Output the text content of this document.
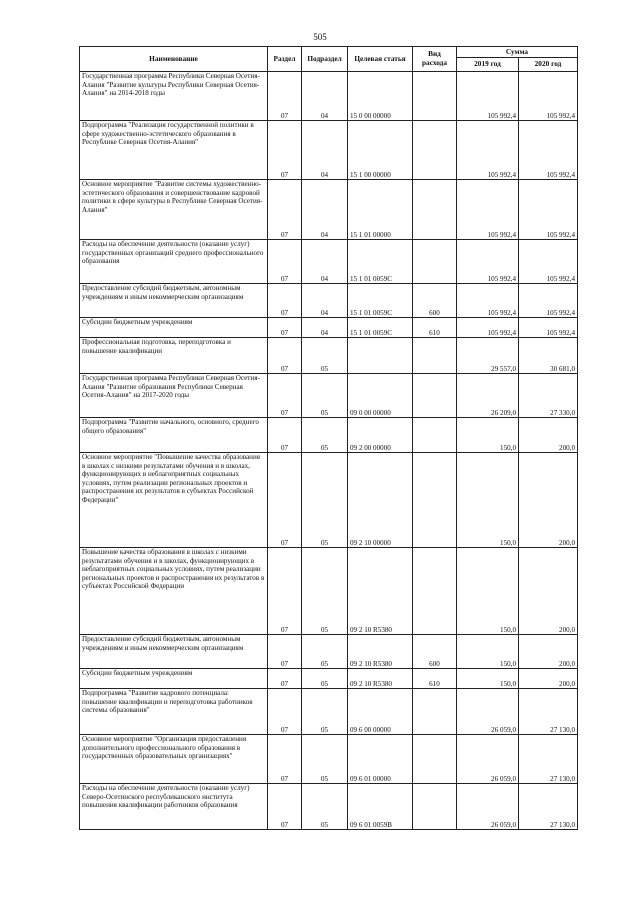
505
Наименование	Раздел	Подраздел	Целевая статья	Вид расхода	Сумма	
					2019 год	2020 год
Государственная программа Республики Северная Осетия-Алания "Развитие культуры Республики Северная Осетия-Алания" на 2014-2018 годы	07	04	15 0 00 00000		105 992,4	105 992,4
Подпрограмма "Реализация государственной политики в сфере художественно-эстетического образования в Республике Северная Осетия-Алания"	07	04	15 1 00 00000		105 992,4	105 992,4
Основное мероприятие "Развитие системы художественно-эстетического образования и совершенствование кадровой политики в сфере культуры в Республике Северная Осетия-Алания"	07	04	15 1 01 00000		105 992,4	105 992,4
Расходы на обеспечение деятельности (оказание услуг) государственных организаций среднего профессионального образования	07	04	15 1 01 0059С		105 992,4	105 992,4
Предоставление субсидий бюджетным, автономным учреждениям и иным некоммерческим организациям	07	04	15 1 01 0059С	600	105 992,4	105 992,4
Субсидии бюджетным учреждениям	07	04	15 1 01 0059С	610	105 992,4	105 992,4
Профессиональная подготовка, переподготовка и повышение квалификации	07	05			29 557,0	30 681,0
Государственная программа Республики Северная Осетия-Алания "Развитие образования Республики Северная Осетия-Алания" на 2017-2020 годы	07	05	09 0 00 00000		26 209,0	27 330,0
Подпрограмма "Развитие начального, основного, среднего общего образования"	07	05	09 2 00 00000		150,0	200,0
Основное мероприятие "Повышение качества образования в школах с низкими результатами обучения и в школах, функционирующих в неблагоприятных социальных условиях, путем реализации региональных проектов и распространения их результатов в субъектах Российской Федерации"	07	05	09 2 10 00000		150,0	200,0
Повышение качества образования в школах с низкими результатами обучения и в школах, функционирующих в неблагоприятных социальных условиях, путем реализации региональных проектов и распространения их результатов в субъектах Российской Федерации	07	05	09 2 10 R5380		150,0	200,0
Предоставление субсидий бюджетным, автономным учреждениям и иным некоммерческим организациям	07	05	09 2 10 R5380	600	150,0	200,0
Субсидии бюджетным учреждениям	07	05	09 2 10 R5380	610	150,0	200,0
Подпрограмма "Развитие кадрового потенциала: повышение квалификации и переподготовка работников системы образования"	07	05	09 6 00 00000		26 059,0	27 130,0
Основное мероприятие "Организация предоставления дополнительного профессионального образования в государственных образовательных организациях"	07	05	09 6 01 00000		26 059,0	27 130,0
Расходы на обеспечение деятельности (оказание услуг) Северо-Осетинского республиканского института повышения квалификации работников образования	07	05	09 6 01 0059В		26 059,0	27 130,0
